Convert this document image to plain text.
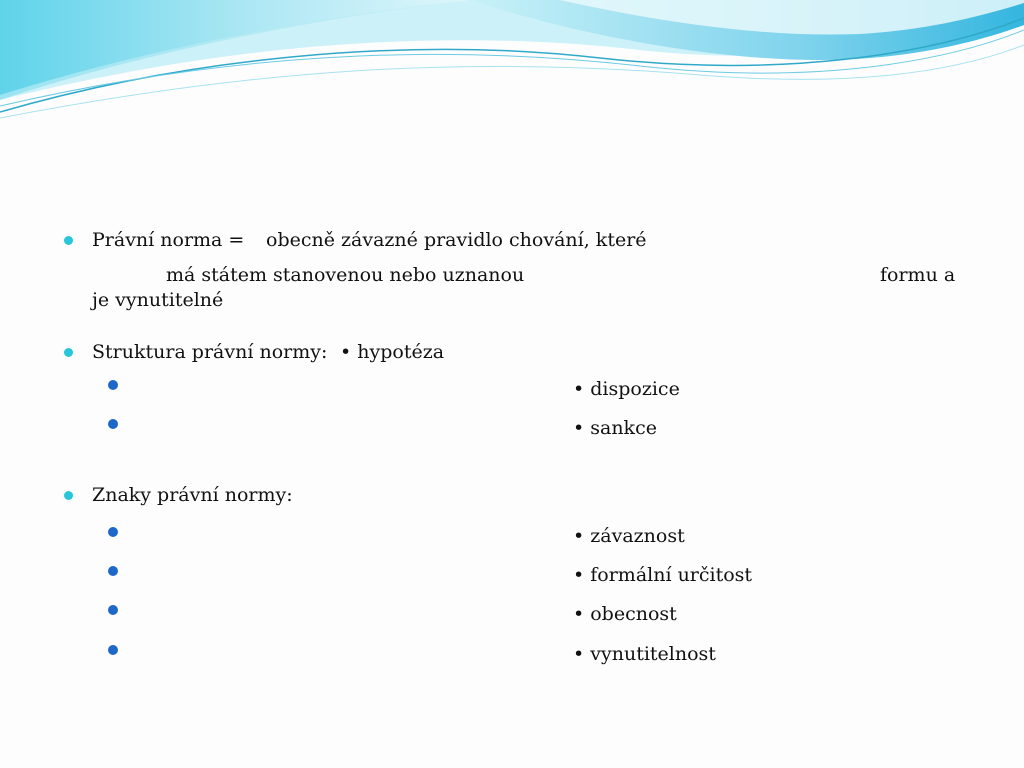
Právní norma = obecně závazné pravidlo chování, které
má státem stanovenou nebo uznanou	formu a
je vynutitelné
Struktura právní normy: • hypotéza
• dispozice
• sankce
Znaky právní normy:
• závaznost
• formální určitost
• obecnost
• vynutitelnost
